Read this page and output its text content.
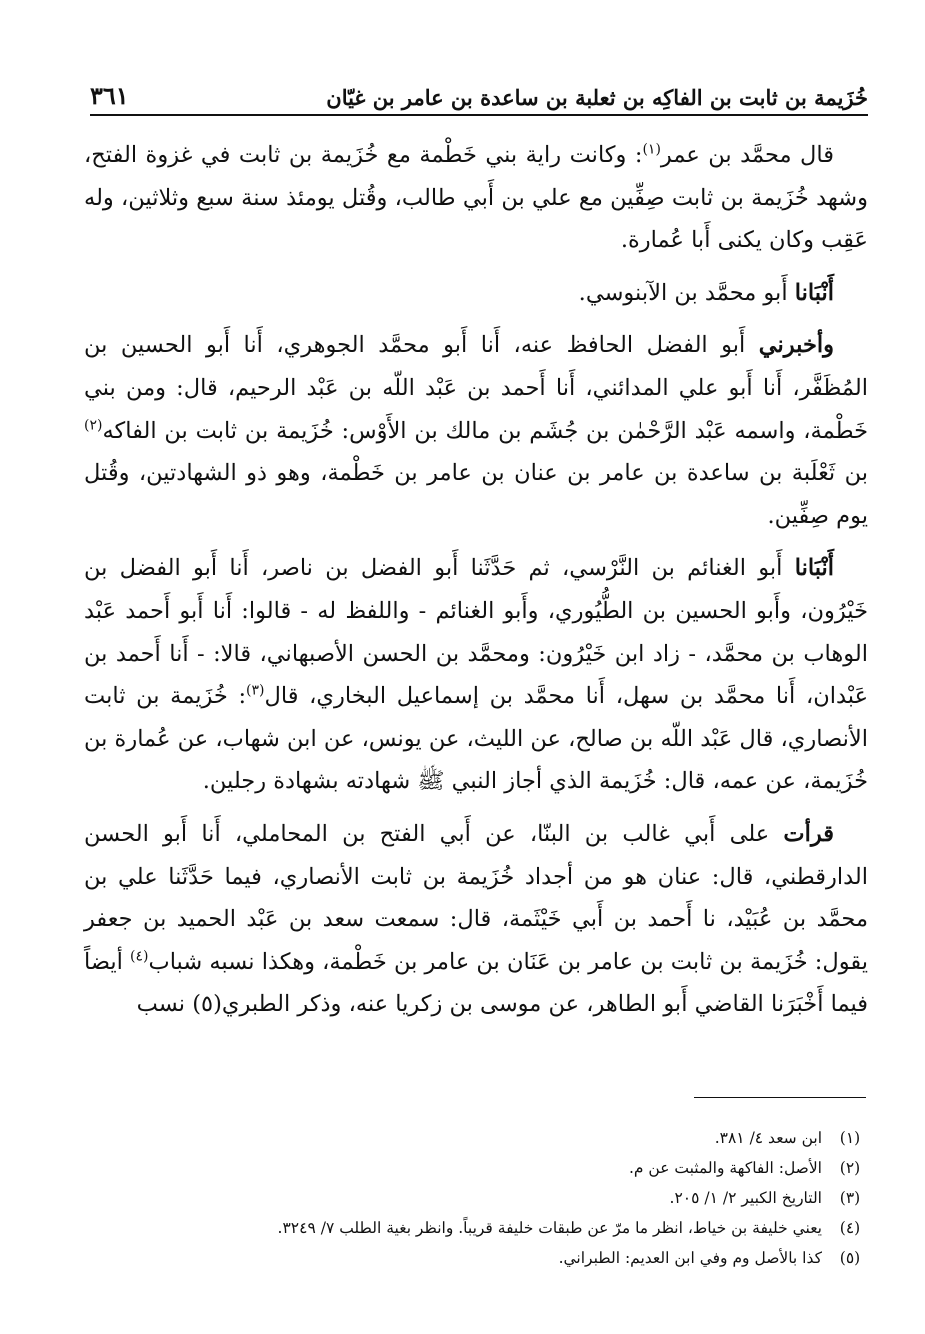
خُزَيمة بن ثابت بن الفاكِه بن ثعلبة بن ساعدة بن عامر بن غيّان
٣٦١

قال محمَّد بن عمر$^{(١)}$: وكانت راية بني خَطْمة مع خُزَيمة بن ثابت في غزوة الفتح، وشهد خُزَيمة بن ثابت صِفِّين مع علي بن أَبي طالب، وقُتل يومئذ سنة سبع وثلاثين، وله عَقِب وكان يكنى أَبا عُمارة.

أَنْبَانا أَبو محمَّد بن الآبنوسي.

وأخبرني أَبو الفضل الحافظ عنه، أَنا أَبو محمَّد الجوهري، أَنا أَبو الحسين بن المُظَفَّر، أَنا أَبو علي المدائني، أَنا أَحمد بن عَبْد اللّه بن عَبْد الرحيم، قال: ومن بني خَطْمة، واسمه عَبْد الرَّحْمٰن بن جُشَم بن مالك بن الأَوْس: خُزَيمة بن ثابت بن الفاكه$^{(٢)}$ بن ثَعْلَبة بن ساعدة بن عامر بن عنان بن عامر بن خَطْمة، وهو ذو الشهادتين، وقُتل يوم صِفِّين.

أَنْبَانا أَبو الغنائم بن النَّرْسي، ثم حَدَّثَنا أَبو الفضل بن ناصر، أَنا أَبو الفضل بن خَيْرُون، وأَبو الحسين بن الطُّيُوري، وأَبو الغنائم - واللفظ له - قالوا: أَنا أَبو أَحمد عَبْد الوهاب بن محمَّد، - زاد ابن خَيْرُون: ومحمَّد بن الحسن الأصبهاني، قالا: - أَنا أَحمد بن عَبْدان، أَنا محمَّد بن سهل، أَنا محمَّد بن إسماعيل البخاري، قال$^{(٣)}$: خُزَيمة بن ثابت الأنصاري، قال عَبْد اللّه بن صالح، عن الليث، عن يونس، عن ابن شهاب، عن عُمارة بن خُزَيمة، عن عمه، قال: خُزَيمة الذي أجاز النبي ﷺ شهادته بشهادة رجلين.

قرأت على أَبي غالب بن البنّا، عن أَبي الفتح بن المحاملي، أَنا أَبو الحسن الدارقطني، قال: عنان هو من أجداد خُزَيمة بن ثابت الأنصاري، فيما حَدَّثَنا علي بن محمَّد بن عُبَيْد، نا أَحمد بن أَبي خَيْثَمة، قال: سمعت سعد بن عَبْد الحميد بن جعفر يقول: خُزَيمة بن ثابت بن عامر بن عَنَان بن عامر بن خَطْمة، وهكذا نسبه شباب$^{(٤)}$ أيضاً فيما أَخْبَرَنا القاضي أَبو الطاهر، عن موسى بن زكريا عنه، وذكر الطبري(٥) نسب

(١)
ابن سعد ٤/ ٣٨١.
(٢)
الأصل: الفاكهة والمثبت عن م.
(٣)
التاريخ الكبير ٢/ ١/ ٢٠٥.
(٤)
يعني خليفة بن خياط، انظر ما مرّ عن طبقات خليفة قريباً. وانظر بغية الطلب ٧/ ٣٢٤٩.
(٥)
كذا بالأصل وم وفي ابن العديم: الطبراني.
